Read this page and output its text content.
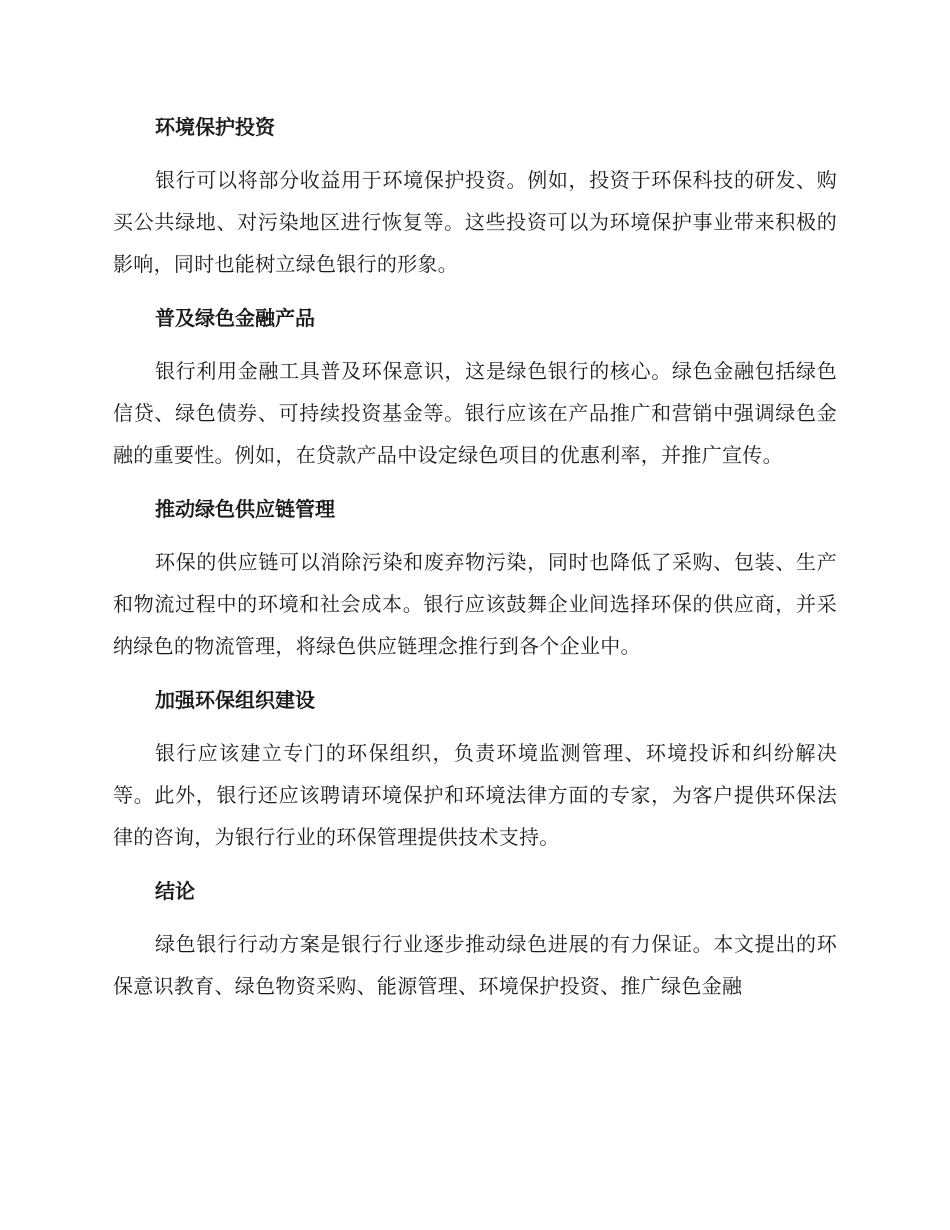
环境保护投资

银行可以将部分收益用于环境保护投资。例如，投资于环保科技的研发、购买公共绿地、对污染地区进行恢复等。这些投资可以为环境保护事业带来积极的影响，同时也能树立绿色银行的形象。

普及绿色金融产品

银行利用金融工具普及环保意识，这是绿色银行的核心。绿色金融包括绿色信贷、绿色债券、可持续投资基金等。银行应该在产品推广和营销中强调绿色金融的重要性。例如，在贷款产品中设定绿色项目的优惠利率，并推广宣传。

推动绿色供应链管理

环保的供应链可以消除污染和废弃物污染，同时也降低了采购、包装、生产和物流过程中的环境和社会成本。银行应该鼓舞企业间选择环保的供应商，并采纳绿色的物流管理，将绿色供应链理念推行到各个企业中。

加强环保组织建设

银行应该建立专门的环保组织，负责环境监测管理、环境投诉和纠纷解决等。此外，银行还应该聘请环境保护和环境法律方面的专家，为客户提供环保法律的咨询，为银行行业的环保管理提供技术支持。

结论

绿色银行行动方案是银行行业逐步推动绿色进展的有力保证。本文提出的环保意识教育、绿色物资采购、能源管理、环境保护投资、推广绿色金融
